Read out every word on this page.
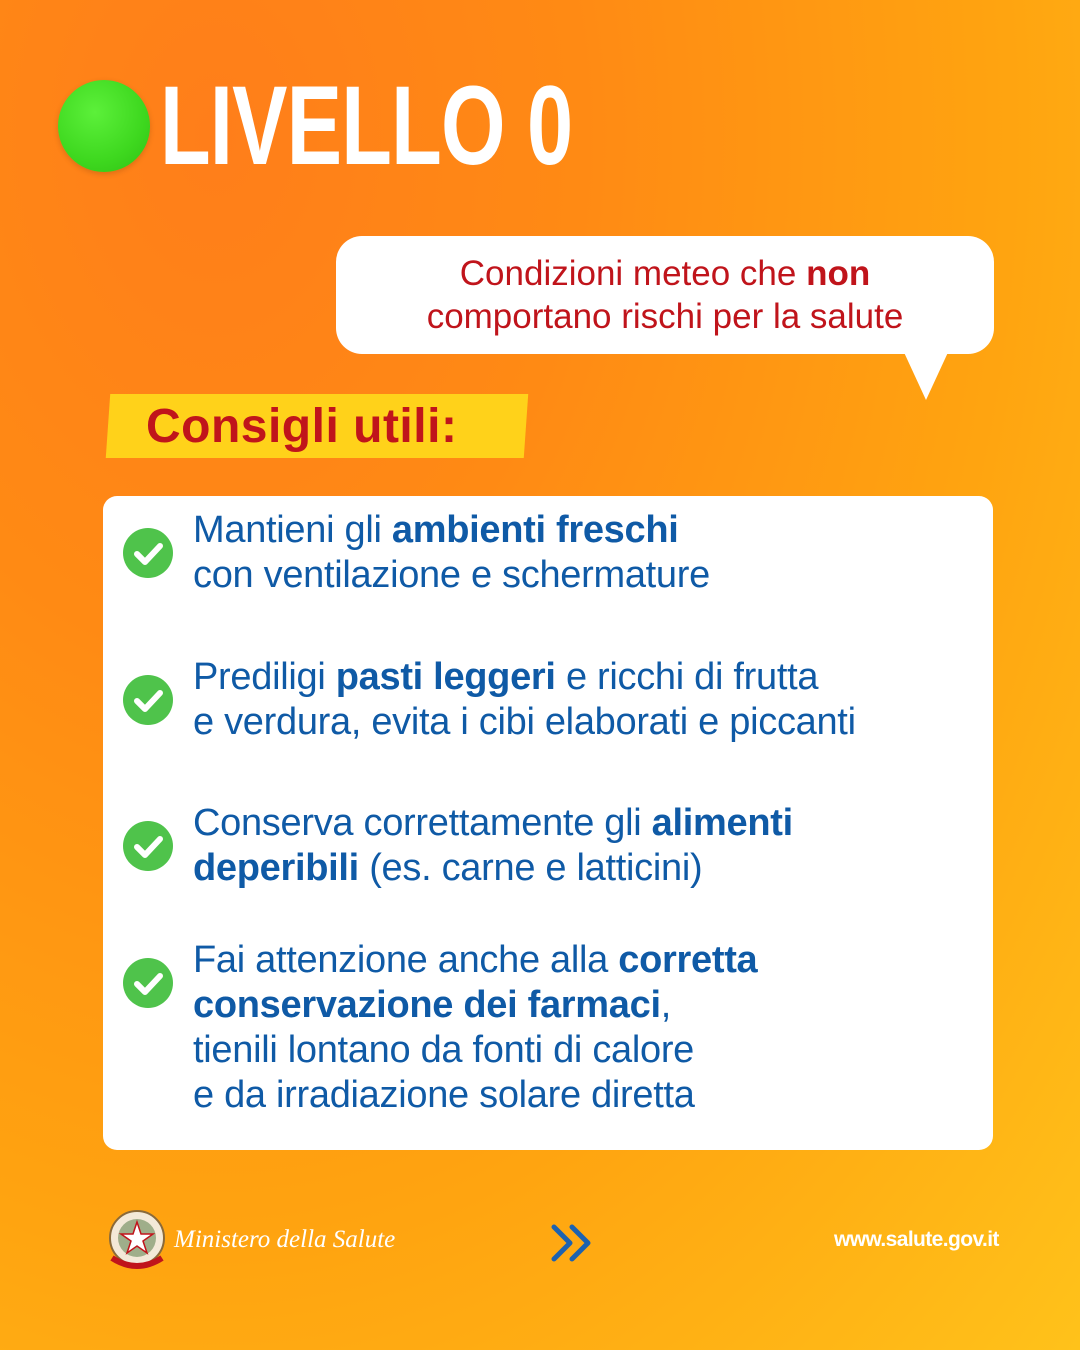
LIVELLO 0
Condizioni meteo che non
comportano rischi per la salute
Consigli utili:
Mantieni gli ambienti freschi
con ventilazione e schermature
Prediligi pasti leggeri e ricchi di frutta
e verdura, evita i cibi elaborati e piccanti
Conserva correttamente gli alimenti
deperibili (es. carne e latticini)
Fai attenzione anche alla corretta
conservazione dei farmaci,
tienili lontano da fonti di calore
e da irradiazione solare diretta
Ministero della Salute	www.salute.gov.it
